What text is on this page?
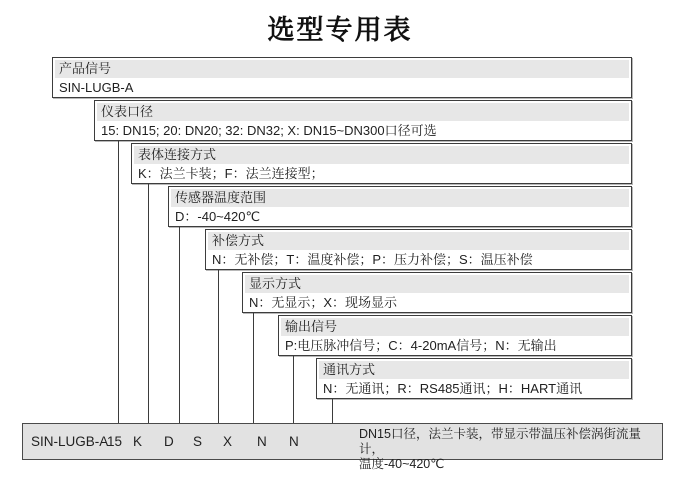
选型专用表
产品信号
SIN-LUGB-A
仪表口径
15: DN15; 20: DN20; 32: DN32; X: DN15~DN300口径可选
表体连接方式
K：法兰卡装；F：法兰连接型；
传感器温度范围
D：-40~420℃
补偿方式
N：无补偿；T：温度补偿；P：压力补偿；S：温压补偿
显示方式
N：无显示；X：现场显示
输出信号
P:电压脉冲信号；C：4-20mA信号；N：无输出
通讯方式
N：无通讯；R：RS485通讯；H：HART通讯
SIN-LUGB-A
15 K D S X N N	DN15口径，法兰卡装，带显示带温压补偿涡街流量计，
温度-40~420℃
